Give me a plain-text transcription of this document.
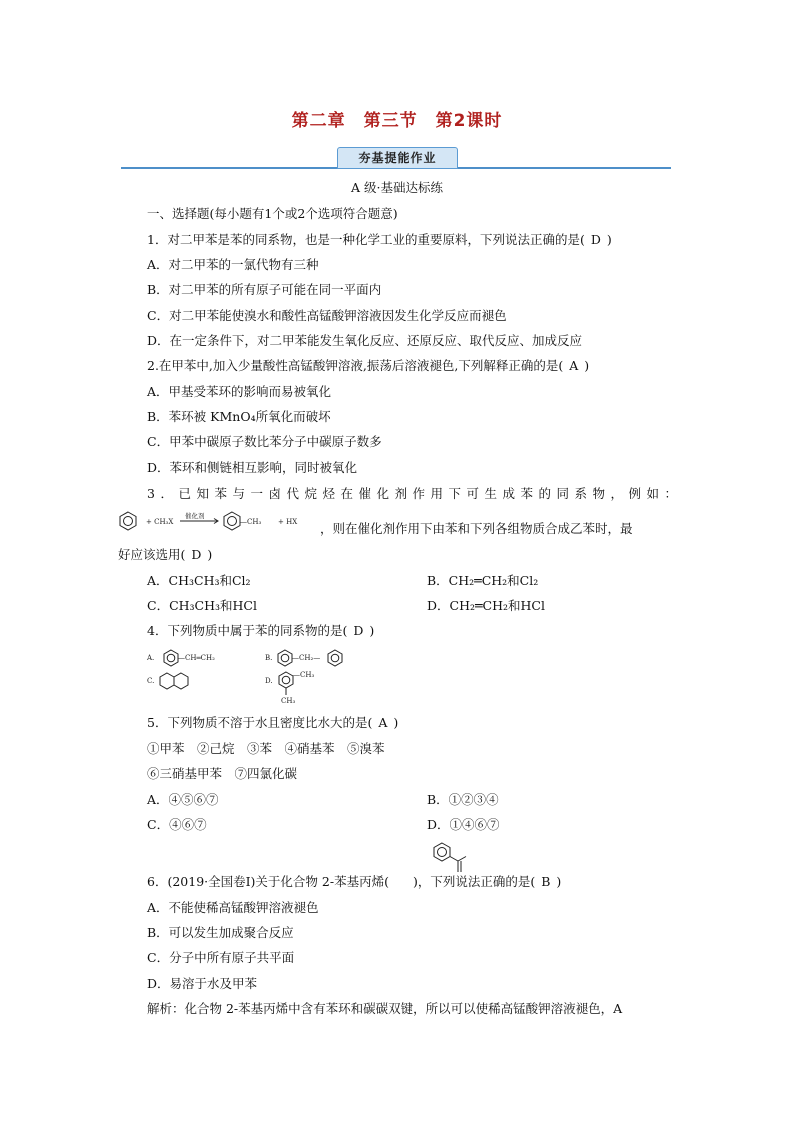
第二章　第三节　第2课时
夯基提能作业
A 级·基础达标练
一、选择题(每小题有1个或2个选项符合题意)
1．对二甲苯是苯的同系物，也是一种化学工业的重要原料，下列说法正确的是( D )
A．对二甲苯的一氯代物有三种
B．对二甲苯的所有原子可能在同一平面内
C．对二甲苯能使溴水和酸性高锰酸钾溶液因发生化学反应而褪色
D．在一定条件下，对二甲苯能发生氧化反应、还原反应、取代反应、加成反应
2.在甲苯中,加入少量酸性高锰酸钾溶液,振荡后溶液褪色,下列解释正确的是( A )
A．甲基受苯环的影响而易被氧化
B．苯环被 KMnO₄所氧化而破坏
C．甲苯中碳原子数比苯分子中碳原子数多
D．苯环和侧链相互影响，同时被氧化
3．已知苯与一卤代烷烃在催化剂作用下可生成苯的同系物，例如：
+ CH₃X
催化剂
—CH₃ + HX ，则在催化剂作用下由苯和下列各组物质合成乙苯时，最
好应该选用( D )
A．CH₃CH₃和Cl₂	B．CH₂═CH₂和Cl₂
C．CH₃CH₃和HCl	D．CH₂═CH₂和HCl
4．下列物质中属于苯的同系物的是( D )
A.	—CH═CH₂	B.	—CH₂—
C.	D.
—CH₃
CH₃
5．下列物质不溶于水且密度比水大的是( A )
①甲苯　②己烷　③苯　④硝基苯　⑤溴苯
⑥三硝基甲苯　⑦四氯化碳
A．④⑤⑥⑦	B．①②③④
C．④⑥⑦	D．①④⑥⑦
6．(2019·全国卷Ⅰ)关于化合物 2-苯基丙烯( )，下列说法正确的是( B )
A．不能使稀高锰酸钾溶液褪色
B．可以发生加成聚合反应
C．分子中所有原子共平面
D．易溶于水及甲苯
解析：化合物 2-苯基丙烯中含有苯环和碳碳双键，所以可以使稀高锰酸钾溶液褪色，A
